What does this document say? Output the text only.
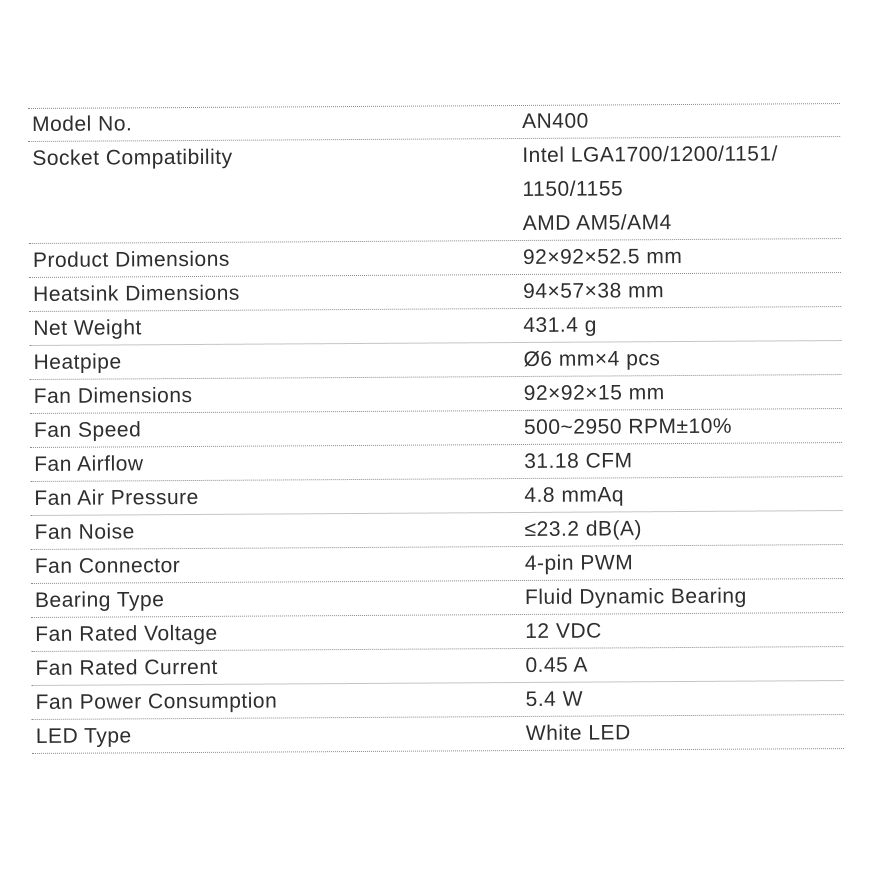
Model No.	AN400
Socket Compatibility	Intel LGA1700/1200/1151/
1150/1155
AMD AM5/AM4
Product Dimensions	92×92×52.5 mm
Heatsink Dimensions	94×57×38 mm
Net Weight	431.4 g
Heatpipe	Ø6 mm×4 pcs
Fan Dimensions	92×92×15 mm
Fan Speed	500~2950 RPM±10%
Fan Airflow	31.18 CFM
Fan Air Pressure	4.8 mmAq
Fan Noise	≤23.2 dB(A)
Fan Connector	4-pin PWM
Bearing Type	Fluid Dynamic Bearing
Fan Rated Voltage	12 VDC
Fan Rated Current	0.45 A
Fan Power Consumption	5.4 W
LED Type	White LED
